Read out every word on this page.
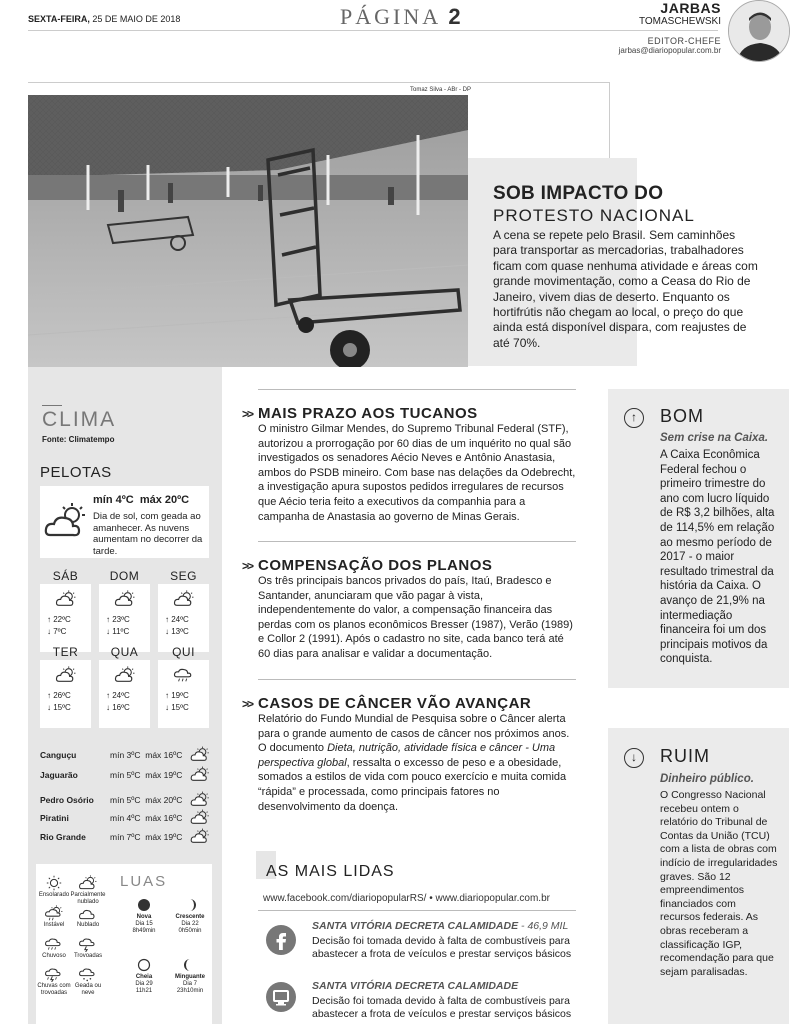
SEXTA-FEIRA, 25 DE MAIO DE 2018	PÁGINA 2	JARBAS
TOMASCHEWSKI
EDITOR-CHEFE
jarbas@diariopopular.com.br
Tomaz Silva - ABr - DP
SOB IMPACTO DO
PROTESTO NACIONAL
A cena se repete pelo Brasil. Sem caminhões para transportar as mercadorias, trabalhadores ficam com quase nenhuma atividade e áreas com grande movimentação, como a Ceasa do Rio de Janeiro, vivem dias de deserto. Enquanto os hortifrútis não chegam ao local, o preço do que ainda está disponível dispara, com reajustes de até 70%.
CLIMA
Fonte: Climatempo
PELOTAS
mín 4ºC máx 20ºC
Dia de sol, com geada ao amanhecer. As nuvens aumentam no decorrer da tarde.
SÁB
↑ 22ºC
↓ 7ºC
DOM
↑ 23ºC
↓ 11ºC
SEG
↑ 24ºC
↓ 13ºC
TER
↑ 26ºC
↓ 15ºC
QUA
↑ 24ºC
↓ 16ºC
QUI
↑ 19ºC
↓ 15ºC
Canguçu	mín 3ºC máx 16ºC
Jaguarão	mín 5ºC máx 19ºC
Pedro Osório mín 5ºC máx 20ºC
Piratini	mín 4ºC máx 16ºC
Rio Grande	mín 7ºC máx 19ºC
Ensolarado Parcialmente nublado
Instável	Nublado
Chuvoso	Trovoadas
Chuvas com trovoadas
Geada ou neve
LUAS
Nova
Dia 15
8h49min
Crescente
Dia 22
0h50min
Cheia
Dia 29
11h21
Minguante
Dia 7
23h10min
>> MAIS PRAZO AOS TUCANOS
O ministro Gilmar Mendes, do Supremo Tribunal Federal (STF), autorizou a prorrogação por 60 dias de um inquérito no qual são investigados os senadores Aécio Neves e Antônio Anastasia, ambos do PSDB mineiro. Com base nas delações da Odebrecht, a investigação apura supostos pedidos irregulares de recursos que Aécio teria feito a executivos da companhia para a campanha de Anastasia ao governo de Minas Gerais.
>> COMPENSAÇÃO DOS PLANOS
Os três principais bancos privados do país, Itaú, Bradesco e Santander, anunciaram que vão pagar à vista, independentemente do valor, a compensação financeira das perdas com os planos econômicos Bresser (1987), Verão (1989) e Collor 2 (1991). Após o cadastro no site, cada banco terá até 60 dias para analisar e validar a documentação.
>> CASOS DE CÂNCER VÃO AVANÇAR
Relatório do Fundo Mundial de Pesquisa sobre o Câncer alerta para o grande aumento de casos de câncer nos próximos anos. O documento Dieta, nutrição, atividade física e câncer - Uma perspectiva global, ressalta o excesso de peso e a obesidade, somados a estilos de vida com pouco exercício e muita comida “rápida” e processada, como principais fatores no desenvolvimento da doença.
AS MAIS LIDAS
www.facebook.com/diariopopularRS/ • www.diariopopular.com.br
SANTA VITÓRIA DECRETA CALAMIDADE - 46,9 MIL
Decisão foi tomada devido à falta de combustíveis para abastecer a frota de veículos e prestar serviços básicos
SANTA VITÓRIA DECRETA CALAMIDADE
Decisão foi tomada devido à falta de combustíveis para abastecer a frota de veículos e prestar serviços básicos
↑	BOM
Sem crise na Caixa.
A Caixa Econômica Federal fechou o primeiro trimestre do ano com lucro líquido de R$ 3,2 bilhões, alta de 114,5% em relação ao mesmo período de 2017 - o maior resultado trimestral da história da Caixa. O avanço de 21,9% na intermediação financeira foi um dos principais motivos da conquista.
↓	RUIM
Dinheiro público.
O Congresso Nacional recebeu ontem o relatório do Tribunal de Contas da União (TCU) com a lista de obras com indício de irregularidades graves. São 12 empreendimentos financiados com recursos federais. As obras receberam a classificação IGP, recomendação para que sejam paralisadas.
